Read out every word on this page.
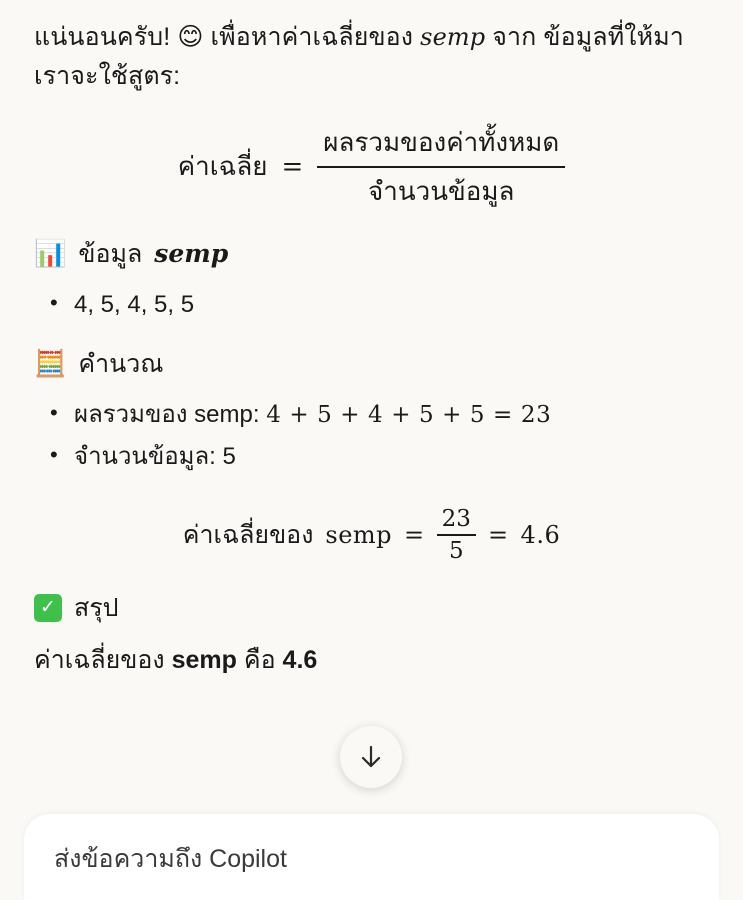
แน่นอนครับ! 😊 เพื่อหาค่าเฉลี่ยของ semp จาก ข้อมูลที่ให้มา เราจะใช้สูตร:
ค่าเฉลี่ย = $\frac{\text{ผลรวมของค่าทั้งหมด}}{\text{จำนวนข้อมูล}}$
📊 ข้อมูล semp
• 4, 5, 4, 5, 5
🧮 คำนวณ
• ผลรวมของ semp: 4 + 5 + 4 + 5 + 5 = 23
• จำนวนข้อมูล: 5
ค่าเฉลี่ยของ semp = $\frac{23}{5} = 4.6$
✓ สรุป
ค่าเฉลี่ยของ semp คือ 4.6
ส่งข้อความถึง Copilot
